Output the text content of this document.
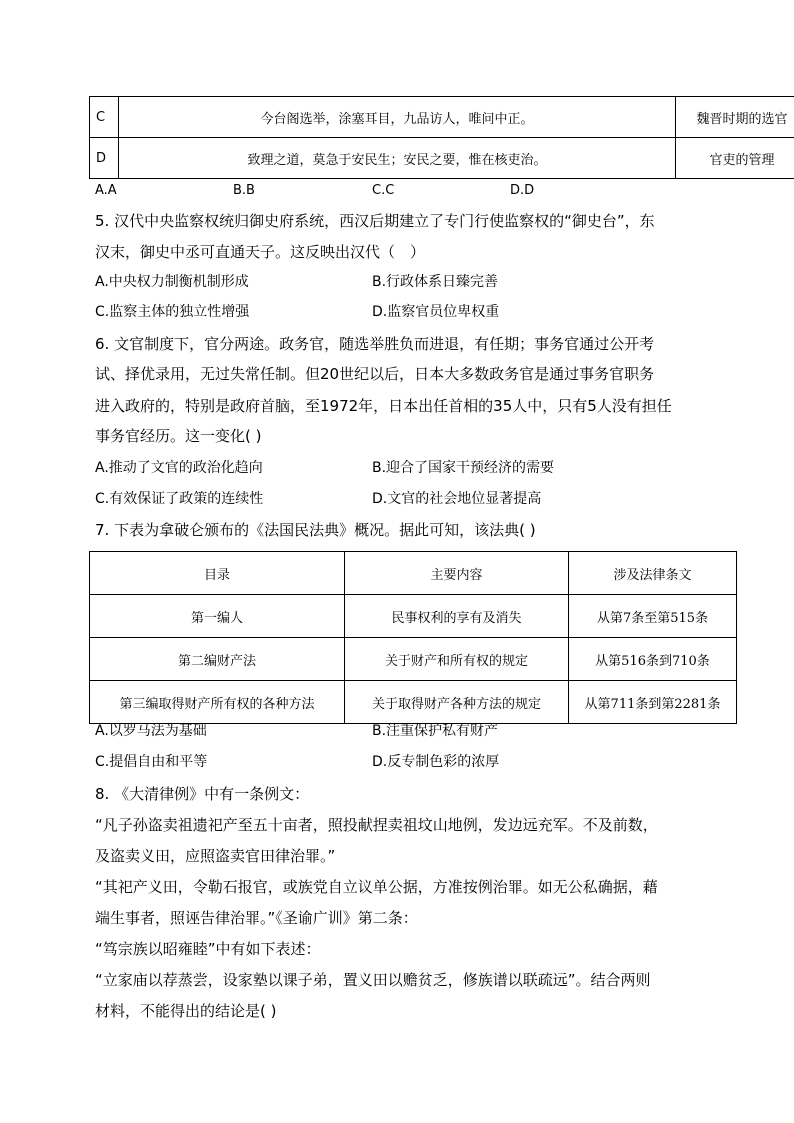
C	今台阁选举，涂塞耳目，九品访人，唯问中正。	魏晋时期的选官
D	致理之道，莫急于安民生；安民之要，惟在核吏治。	官吏的管理
A.A	B.B	C.C	D.D
5. 汉代中央监察权统归御史府系统，西汉后期建立了专门行使监察权的“御史台”，东
汉末，御史中丞可直通天子。这反映出汉代（　）
A.中央权力制衡机制形成	B.行政体系日臻完善
C.监察主体的独立性增强	D.监察官员位卑权重
6. 文官制度下，官分两途。政务官，随选举胜负而进退，有任期；事务官通过公开考
试、择优录用，无过失常任制。但20世纪以后，日本大多数政务官是通过事务官职务
进入政府的，特别是政府首脑，至1972年，日本出任首相的35人中，只有5人没有担任
事务官经历。这一变化( )
A.推动了文官的政治化趋向	B.迎合了国家干预经济的需要
C.有效保证了政策的连续性	D.文官的社会地位显著提高
7. 下表为拿破仑颁布的《法国民法典》概况。据此可知，该法典( )
目录	主要内容	涉及法律条文
第一编人	民事权利的享有及消失	从第7条至第515条
第二编财产法	关于财产和所有权的规定	从第516条到710条
第三编取得财产所有权的各种方法	关于取得财产各种方法的规定	从第711条到第2281条
A.以罗马法为基础	B.注重保护私有财产
C.提倡自由和平等	D.反专制色彩的浓厚
8. 《大清律例》中有一条例文：
“凡子孙盗卖祖遗祀产至五十亩者，照投献捏卖祖坟山地例，发边远充军。不及前数，
及盗卖义田，应照盗卖官田律治罪。”
“其祀产义田，令勒石报官，或族党自立议单公据，方准按例治罪。如无公私确据，藉
端生事者，照诬告律治罪。”《圣谕广训》第二条：
“笃宗族以昭雍睦”中有如下表述：
“立家庙以荐蒸尝，设家塾以课子弟，置义田以赡贫乏，修族谱以联疏远”。结合两则
材料，不能得出的结论是( )
